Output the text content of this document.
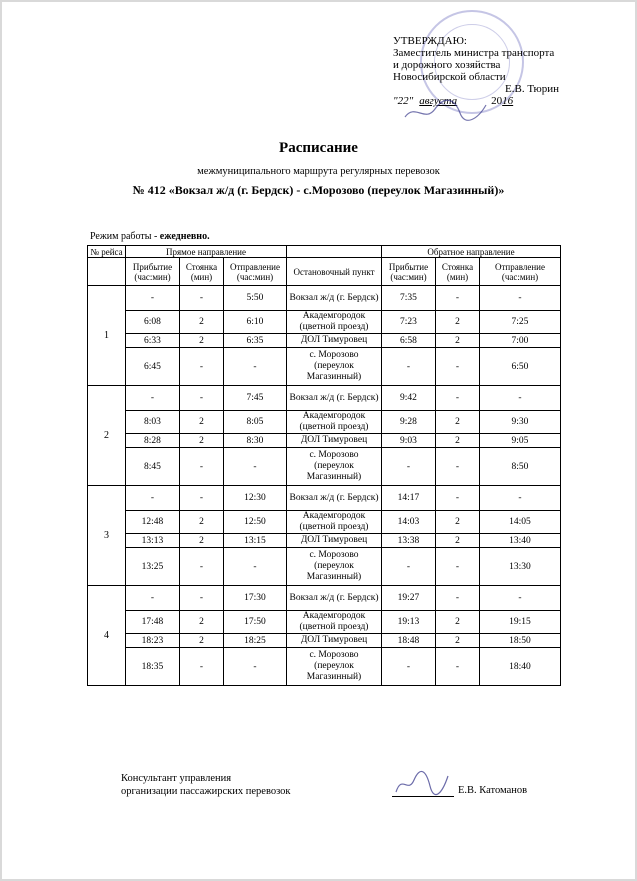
УТВЕРЖДАЮ:
Заместитель министра транспорта
и дорожного хозяйства
Новосибирской области

Е.В. Тюрин
"22" августа	2016
Расписание
межмуниципального маршрута регулярных перевозок
№ 412 «Вокзал ж/д (г. Бердск) - с.Морозово (переулок Магазинный)»
Режим работы - ежедневно.
№ рейса	Прямое направление				Обратное направление		
	Прибытие (час:мин)	Стоянка (мин)	Отправление (час:мин)	Остановочный пункт	Прибытие (час:мин)	Стоянка (мин)	Отправление (час:мин)
1	-	-	5:50	Вокзал ж/д (г. Бердск)	7:35	-	-
	6:08	2	6:10	Академгородок (цветной проезд)	7:23	2	7:25
	6:33	2	6:35	ДОЛ Тимуровец	6:58	2	7:00
	6:45	-	-	с. Морозово (переулок Магазинный)	-	-	6:50
2	-	-	7:45	Вокзал ж/д (г. Бердск)	9:42	-	-
	8:03	2	8:05	Академгородок (цветной проезд)	9:28	2	9:30
	8:28	2	8:30	ДОЛ Тимуровец	9:03	2	9:05
	8:45	-	-	с. Морозово (переулок Магазинный)	-	-	8:50
3	-	-	12:30	Вокзал ж/д (г. Бердск)	14:17	-	-
	12:48	2	12:50	Академгородок (цветной проезд)	14:03	2	14:05
	13:13	2	13:15	ДОЛ Тимуровец	13:38	2	13:40
	13:25	-	-	с. Морозово (переулок Магазинный)	-	-	13:30
4	-	-	17:30	Вокзал ж/д (г. Бердск)	19:27	-	-
	17:48	2	17:50	Академгородок (цветной проезд)	19:13	2	19:15
	18:23	2	18:25	ДОЛ Тимуровец	18:48	2	18:50
	18:35	-	-	с. Морозово (переулок Магазинный)	-	-	18:40
Консультант управления
организации пассажирских перевозок	Е.В. Катоманов
